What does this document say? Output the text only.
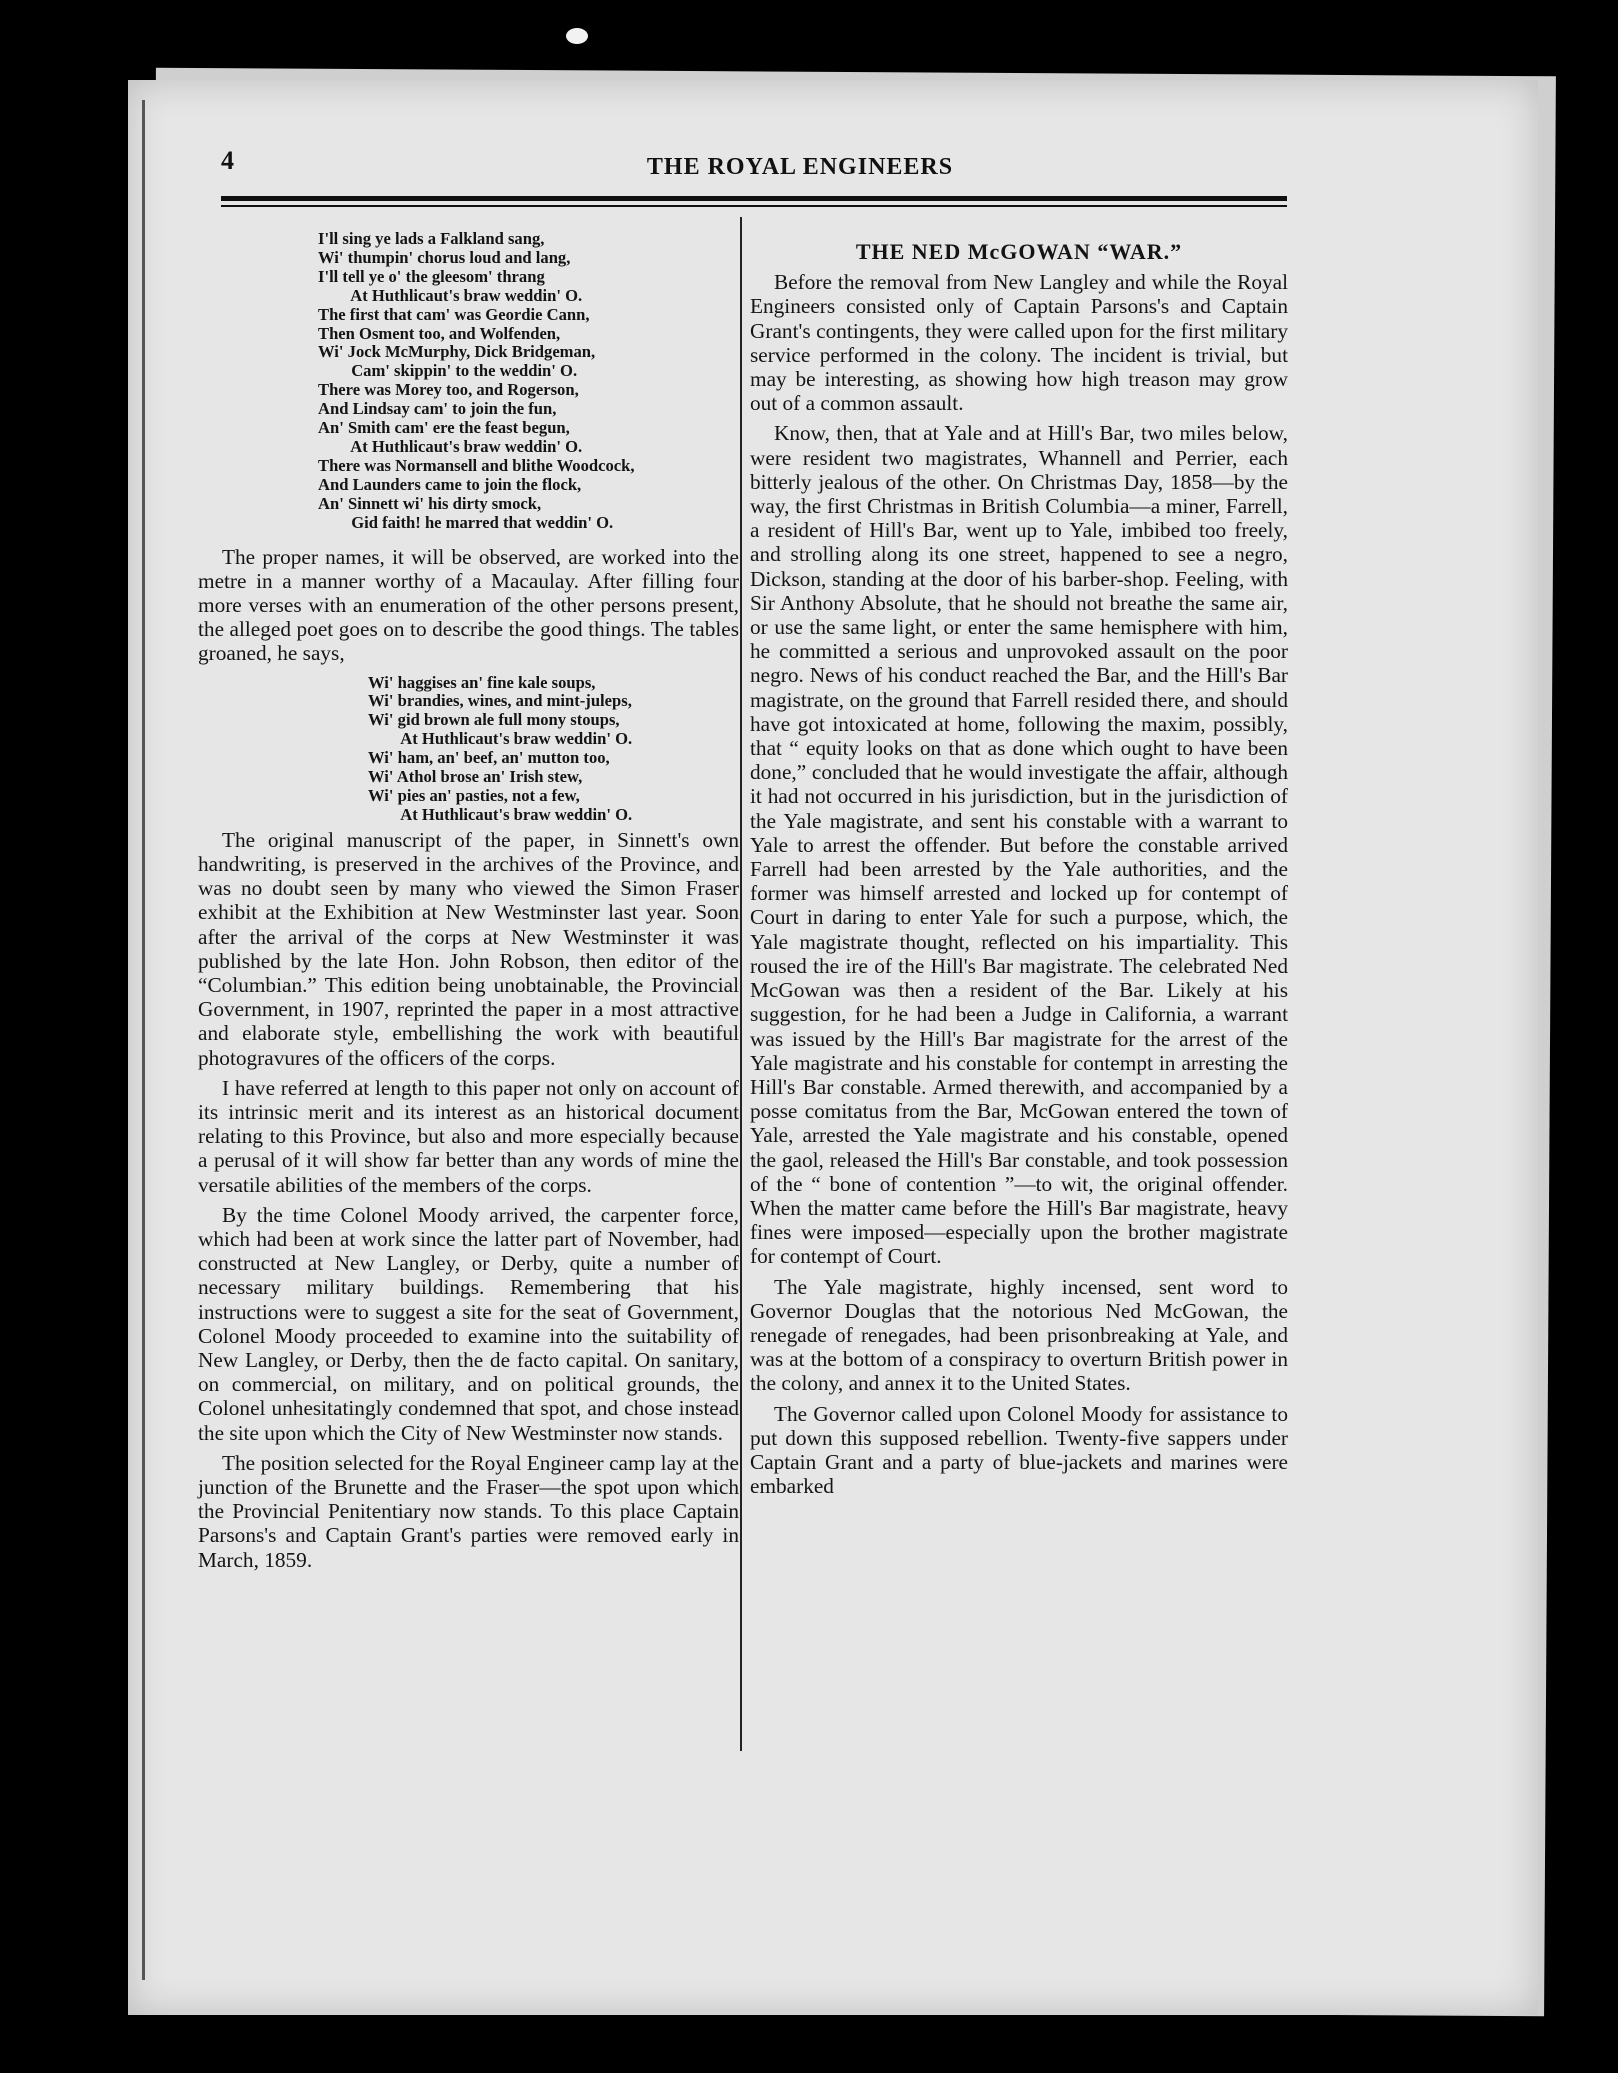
4	THE ROYAL ENGINEERS
I'll sing ye lads a Falkland sang,
Wi' thumpin' chorus loud and lang,
I'll tell ye o' the gleesom' thrang
At Huthlicaut's braw weddin' O.
The first that cam' was Geordie Cann,
Then Osment too, and Wolfenden,
Wi' Jock McMurphy, Dick Bridgeman,
Cam' skippin' to the weddin' O.
There was Morey too, and Rogerson,
And Lindsay cam' to join the fun,
An' Smith cam' ere the feast begun,
At Huthlicaut's braw weddin' O.
There was Normansell and blithe Woodcock,
And Launders came to join the flock,
An' Sinnett wi' his dirty smock,
Gid faith! he marred that weddin' O.

The proper names, it will be observed, are worked into the metre in a manner worthy of a Macaulay. After filling four more verses with an enumeration of the other persons present, the alleged poet goes on to describe the good things. The tables groaned, he says,

Wi' haggises an' fine kale soups,
Wi' brandies, wines, and mint-juleps,
Wi' gid brown ale full mony stoups,
At Huthlicaut's braw weddin' O.
Wi' ham, an' beef, an' mutton too,
Wi' Athol brose an' Irish stew,
Wi' pies an' pasties, not a few,
At Huthlicaut's braw weddin' O.

The original manuscript of the paper, in Sinnett's own handwriting, is preserved in the archives of the Province, and was no doubt seen by many who viewed the Simon Fraser exhibit at the Exhibition at New Westminster last year. Soon after the arrival of the corps at New Westminster it was published by the late Hon. John Robson, then editor of the “Columbian.” This edition being unobtainable, the Provincial Government, in 1907, reprinted the paper in a most attractive and elaborate style, embellishing the work with beautiful photogravures of the officers of the corps.

I have referred at length to this paper not only on account of its intrinsic merit and its interest as an historical document relating to this Province, but also and more especially because a perusal of it will show far better than any words of mine the versatile abilities of the members of the corps.

By the time Colonel Moody arrived, the carpenter force, which had been at work since the latter part of November, had constructed at New Langley, or Derby, quite a number of necessary military buildings. Remembering that his instructions were to suggest a site for the seat of Government, Colonel Moody proceeded to examine into the suitability of New Langley, or Derby, then the de facto capital. On sanitary, on commercial, on military, and on political grounds, the Colonel unhesitatingly condemned that spot, and chose instead the site upon which the City of New Westminster now stands.

The position selected for the Royal Engineer camp lay at the junction of the Brunette and the Fraser—the spot upon which the Provincial Penitentiary now stands. To this place Captain Parsons's and Captain Grant's parties were removed early in March, 1859.

THE NED McGOWAN “WAR.”

Before the removal from New Langley and while the Royal Engineers consisted only of Captain Parsons's and Captain Grant's contingents, they were called upon for the first military service performed in the colony. The incident is trivial, but may be interesting, as showing how high treason may grow out of a common assault.

Know, then, that at Yale and at Hill's Bar, two miles below, were resident two magistrates, Whannell and Perrier, each bitterly jealous of the other. On Christmas Day, 1858—by the way, the first Christmas in British Columbia—a miner, Farrell, a resident of Hill's Bar, went up to Yale, imbibed too freely, and strolling along its one street, happened to see a negro, Dickson, standing at the door of his barber-shop. Feeling, with Sir Anthony Absolute, that he should not breathe the same air, or use the same light, or enter the same hemisphere with him, he committed a serious and unprovoked assault on the poor negro. News of his conduct reached the Bar, and the Hill's Bar magistrate, on the ground that Farrell resided there, and should have got intoxicated at home, following the maxim, possibly, that “ equity looks on that as done which ought to have been done,” concluded that he would investigate the affair, although it had not occurred in his jurisdiction, but in the jurisdiction of the Yale magistrate, and sent his constable with a warrant to Yale to arrest the offender. But before the constable arrived Farrell had been arrested by the Yale authorities, and the former was himself arrested and locked up for contempt of Court in daring to enter Yale for such a purpose, which, the Yale magistrate thought, reflected on his impartiality. This roused the ire of the Hill's Bar magistrate. The celebrated Ned McGowan was then a resident of the Bar. Likely at his suggestion, for he had been a Judge in California, a warrant was issued by the Hill's Bar magistrate for the arrest of the Yale magistrate and his constable for contempt in arresting the Hill's Bar constable. Armed therewith, and accompanied by a posse comitatus from the Bar, McGowan entered the town of Yale, arrested the Yale magistrate and his constable, opened the gaol, released the Hill's Bar constable, and took possession of the “ bone of contention ”—to wit, the original offender. When the matter came before the Hill's Bar magistrate, heavy fines were imposed—especially upon the brother magistrate for contempt of Court.

The Yale magistrate, highly incensed, sent word to Governor Douglas that the notorious Ned McGowan, the renegade of renegades, had been prisonbreaking at Yale, and was at the bottom of a conspiracy to overturn British power in the colony, and annex it to the United States.

The Governor called upon Colonel Moody for assistance to put down this supposed rebellion. Twenty-five sappers under Captain Grant and a party of blue-jackets and marines were embarked
